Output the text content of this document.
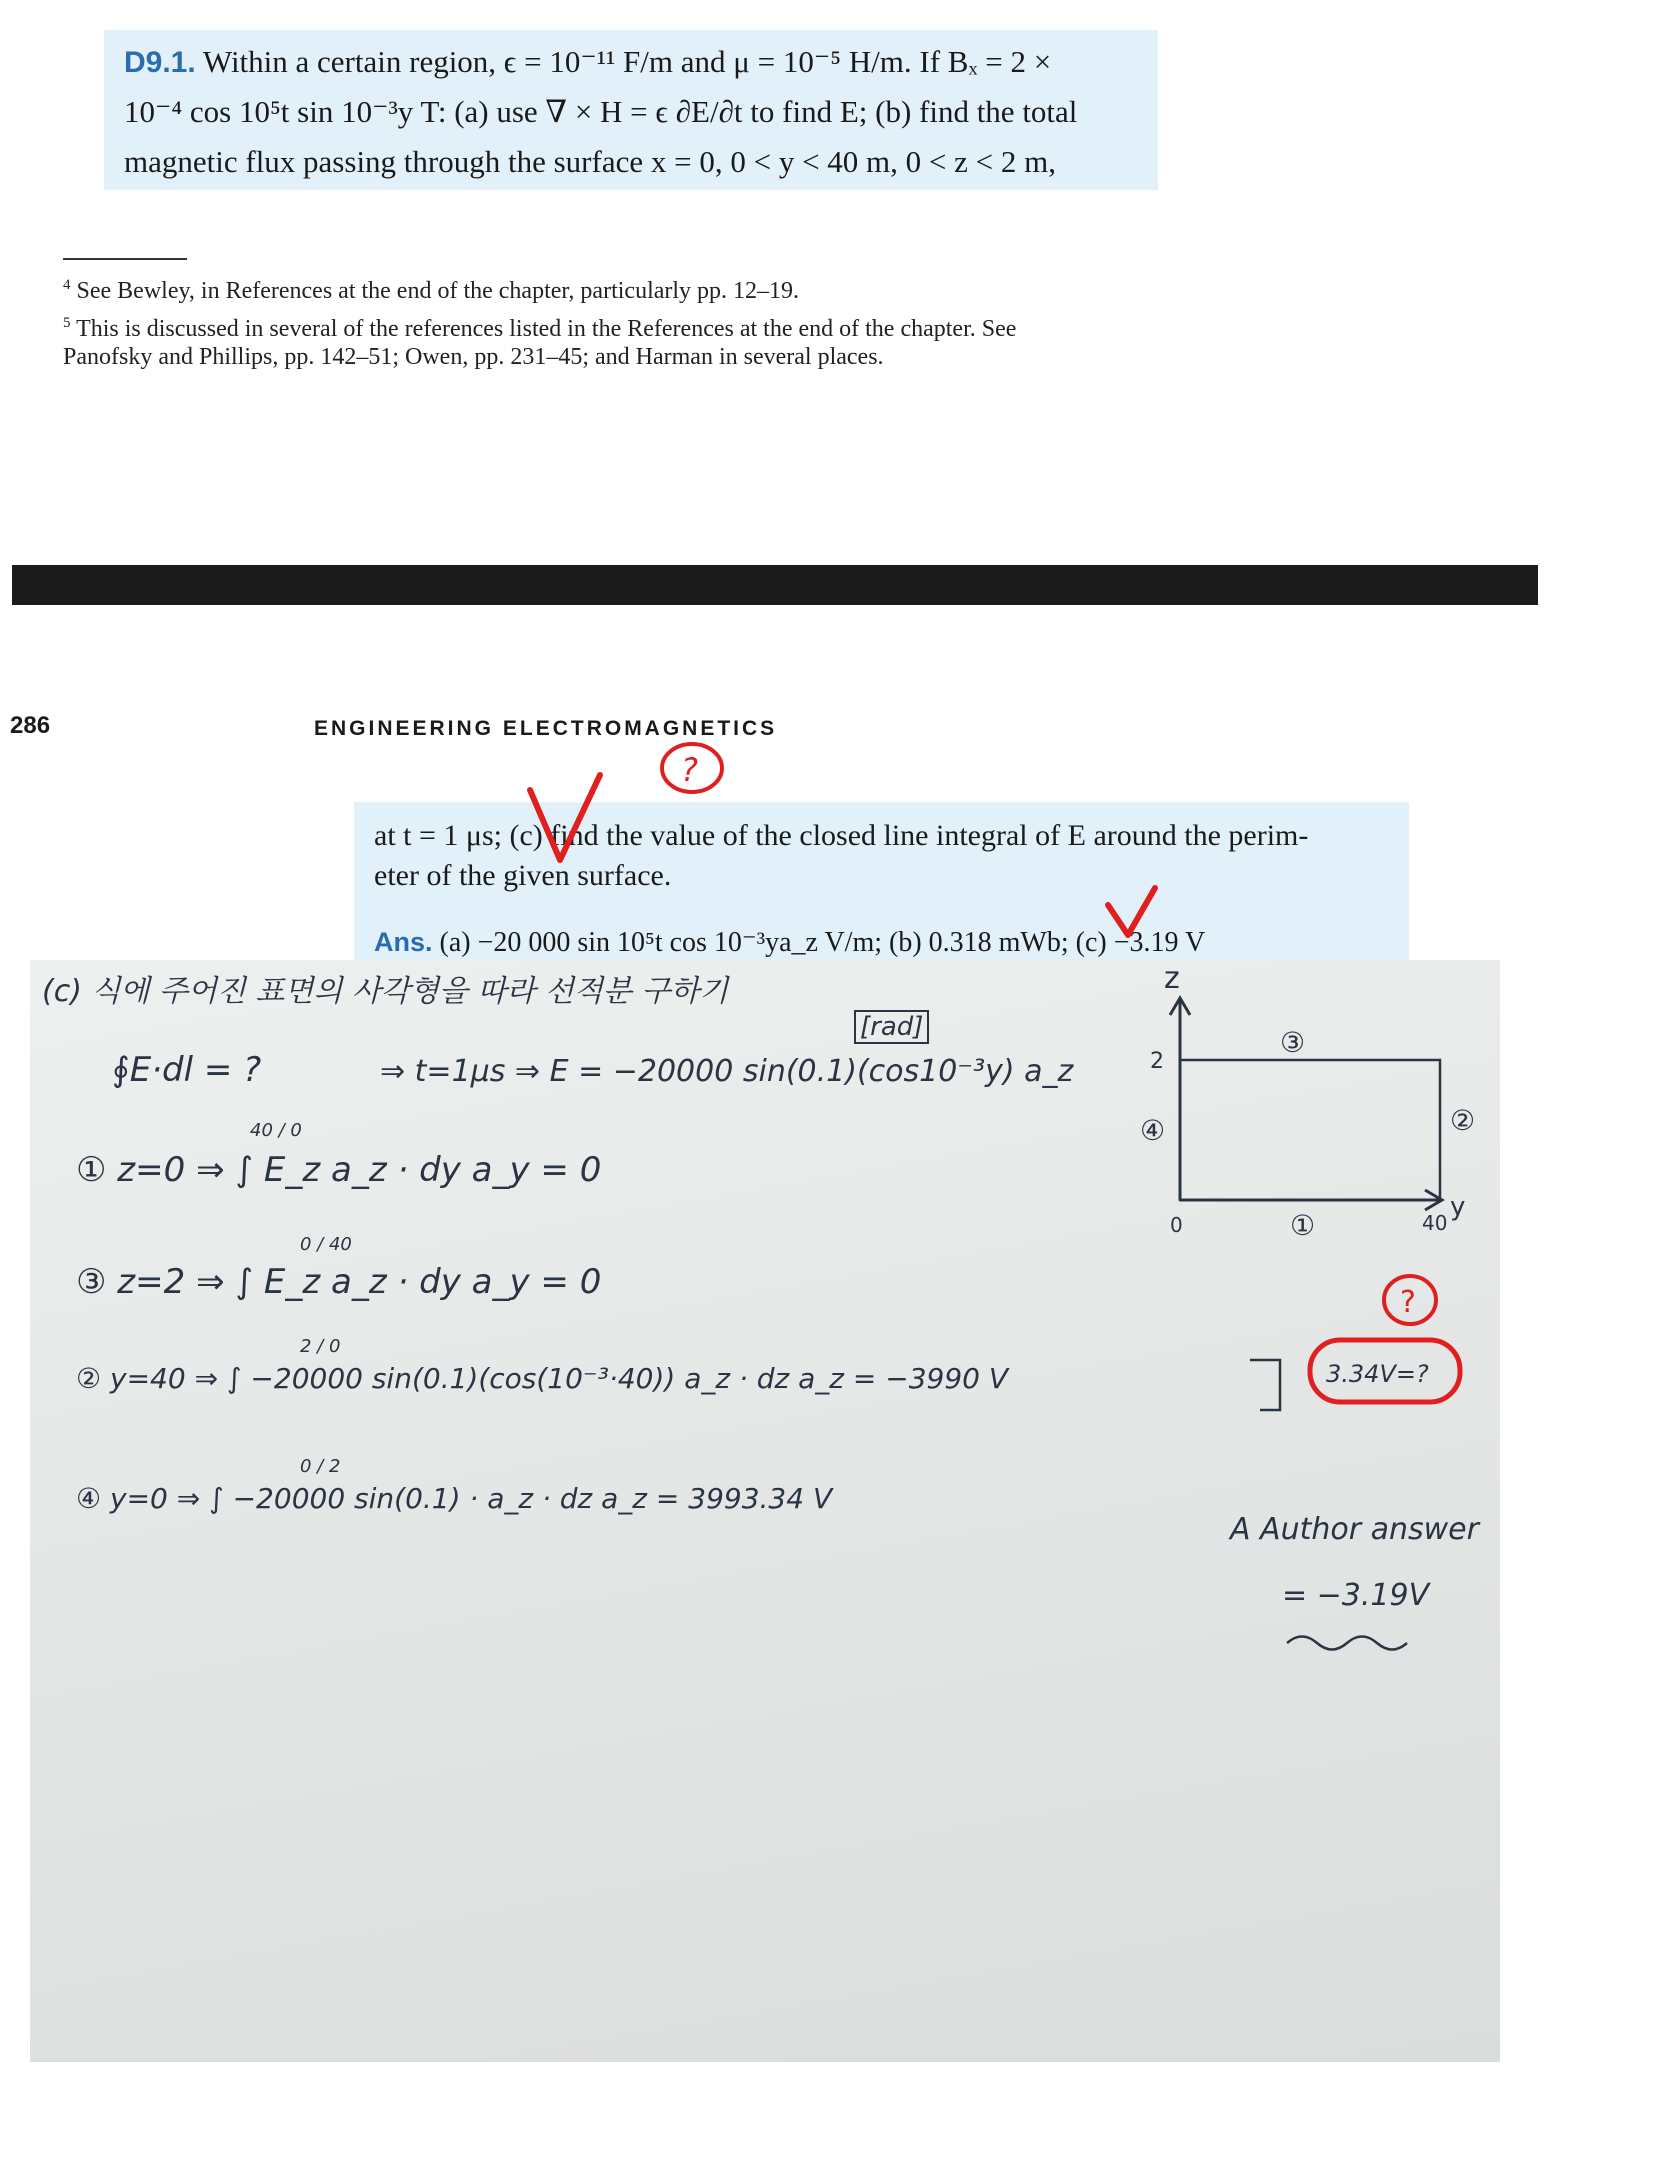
D9.1. Within a certain region, ϵ = 10⁻¹¹ F/m and μ = 10⁻⁵ H/m. If Bₓ = 2 ×
10⁻⁴ cos 10⁵t sin 10⁻³y T: (a) use ∇ × H = ϵ ∂E/∂t to find E; (b) find the total
magnetic flux passing through the surface x = 0, 0 < y < 40 m, 0 < z < 2 m,
$^4$ See Bewley, in References at the end of the chapter, particularly pp. 12–19.
$^5$ This is discussed in several of the references listed in the References at the end of the chapter. See
Panofsky and Phillips, pp. 142–51; Owen, pp. 231–45; and Harman in several places.
286	ENGINEERING ELECTROMAGNETICS
at t = 1 μs; (c) find the value of the closed line integral of E around the perim-
eter of the given surface.
Ans. (a) −20 000 sin 10⁵t cos 10⁻³ya_z V/m; (b) 0.318 mWb; (c) −3.19 V
?
(c) 식에 주어진 표면의 사각형을 따라 선적분 구하기
∮E·dl = ?	⇒ t=1μs ⇒ E = −20000 sin(0.1)(cos10⁻³y) a_z
[rad]
① z=0 ⇒ ∫ E_z a_z · dy a_y = 0
40 / 0
③ z=2 ⇒ ∫ E_z a_z · dy a_y = 0
0 / 40
② y=40 ⇒ ∫ −20000 sin(0.1)(cos(10⁻³·40)) a_z · dz a_z = −3990 V
2 / 0
④ y=0 ⇒ ∫ −20000 sin(0.1) · a_z · dz a_z = 3993.34 V
0 / 2
z
y
2
40
0	①
②
③
④
?
3.34V=?
A Author answer
= −3.19V
